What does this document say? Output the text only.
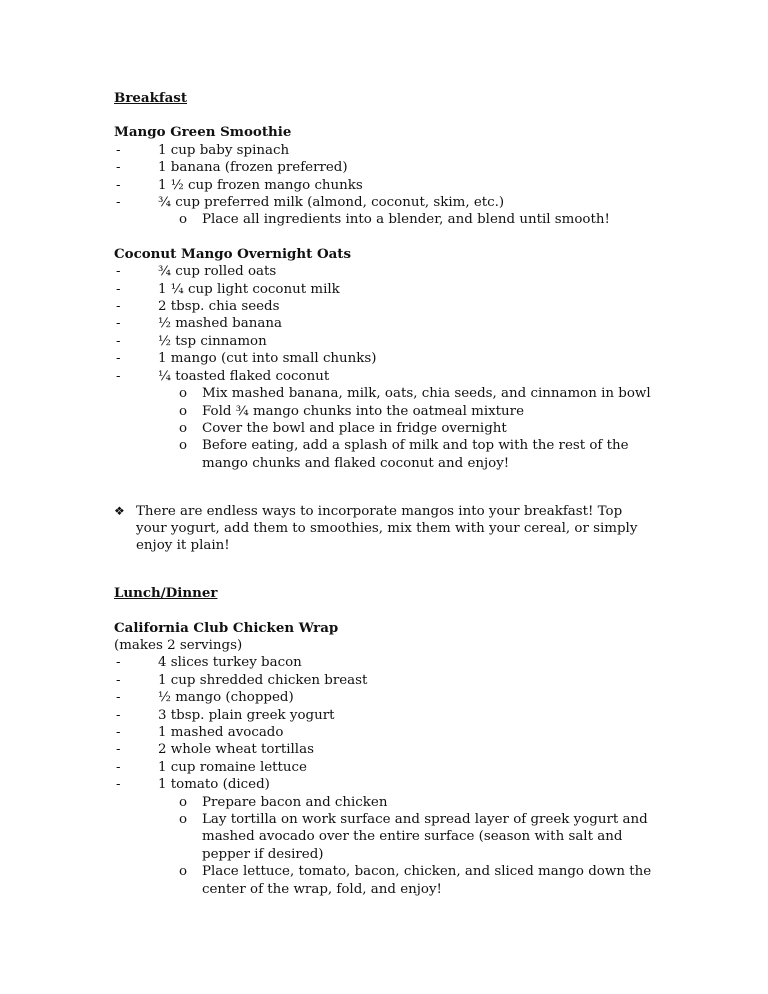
Breakfast

Mango Green Smoothie

-	1 cup baby spinach
-	1 banana (frozen preferred)
-	1 ½ cup frozen mango chunks
-	¾ cup preferred milk (almond, coconut, skim, etc.)
o Place all ingredients into a blender, and blend until smooth!

Coconut Mango Overnight Oats

-	¾ cup rolled oats
-	1 ¼ cup light coconut milk
-	2 tbsp. chia seeds
-	½ mashed banana
-	½ tsp cinnamon
-	1 mango (cut into small chunks)
-	¼ toasted flaked coconut
o Mix mashed banana, milk, oats, chia seeds, and cinnamon in bowl
o Fold ¾ mango chunks into the oatmeal mixture
o Cover the bowl and place in fridge overnight
o Before eating, add a splash of milk and top with the rest of the mango chunks and flaked coconut and enjoy!

❖ There are endless ways to incorporate mangos into your breakfast! Top your yogurt, add them to smoothies, mix them with your cereal, or simply enjoy it plain!

Lunch/Dinner

California Club Chicken Wrap

(makes 2 servings)

-	4 slices turkey bacon
-	1 cup shredded chicken breast
-	½ mango (chopped)
-	3 tbsp. plain greek yogurt
-	1 mashed avocado
-	2 whole wheat tortillas
-	1 cup romaine lettuce
-	1 tomato (diced)
o Prepare bacon and chicken
o Lay tortilla on work surface and spread layer of greek yogurt and mashed avocado over the entire surface (season with salt and pepper if desired)
o Place lettuce, tomato, bacon, chicken, and sliced mango down the center of the wrap, fold, and enjoy!
